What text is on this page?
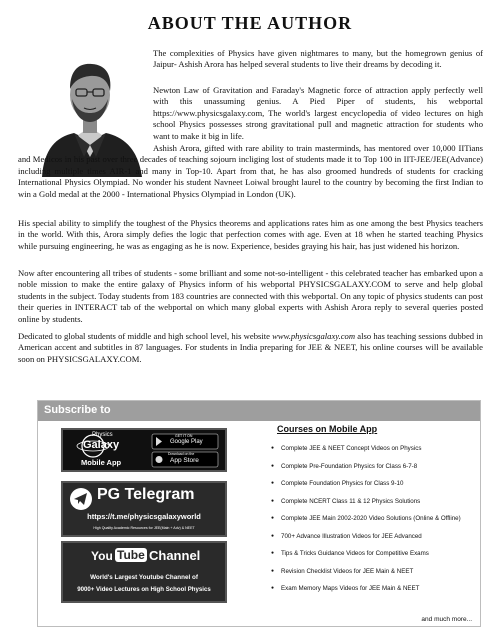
ABOUT THE AUTHOR
The complexities of Physics have given nightmares to many, but the homegrown genius of Jaipur- Ashish Arora has helped several students to live their dreams by decoding it.
Newton Law of Gravitation and Faraday's Magnetic force of attraction apply perfectly well with this unassuming genius. A Pied Piper of students, his webportal https://www.physicsgalaxy.com, The world's largest encyclopedia of video lectures on high school Physics possesses strong gravitational pull and magnetic attraction for students who want to make it big in life.
Ashish Arora, gifted with rare ability to train masterminds, has mentored over 10,000 IITians and Medicos in his past over three decades of teaching sojourn incliging lost of students made it to Top 100 in IIT-JEE/JEE(Advance) including multiple times AIR-1 and many in Top-10. Apart from that, he has also groomed hundreds of students for cracking International Physics Olympiad. No wonder his student Navneet Loiwal brought laurel to the country by becoming the first Indian to win a Gold medal at the 2000 - International Physics Olympiad in London (UK).
His special ability to simplify the toughest of the Physics theorems and applications rates him as one among the best Physics teachers in the world. With this, Arora simply defies the logic that perfection comes with age. Even at 18 when he started teaching Physics while pursuing engineering, he was as engaging as he is now. Experience, besides graying his hair, has just widened his horizon.
Now after encountering all tribes of students - some brilliant and some not-so-intelligent - this celebrated teacher has embarked upon a noble mission to make the entire galaxy of Physics inform of his webportal PHYSICSGALAXY.COM to serve and help global students in the subject. Today students from 183 countries are connected with this webportal. On any topic of physics students can post their queries in INTERACT tab of the webportal on which many global experts with Ashish Arora reply to several queries posted online by students.
Dedicated to global students of middle and high school level, his website www.physicsgalaxy.com also has teaching sessions dubbed in American accent and subtitles in 87 languages. For students in India preparing for JEE & NEET, his online courses will be available soon on PHYSICSGALAXY.COM.
Subscribe to
Physics
Galaxy
Mobile App
GET IT ON
Google Play
Download on the
App Store
PG Telegram
https://t.me/physicsgalaxyworld
High Quality Academic Resources for JEE(Main + Adv) & NEET
You Tube Channel
World's Largest Youtube Channel of
9000+ Video Lectures on High School Physics
Courses on Mobile App
● Complete JEE & NEET Concept Videos on Physics
● Complete Pre-Foundation Physics for Class 6-7-8
● Complete Foundation Physics for Class 9-10
● Complete NCERT Class 11 & 12 Physics Solutions
● Complete JEE Main 2002-2020 Video Solutions (Online & Offline)
● 700+ Advance Illustration Videos for JEE Advanced
● Tips & Tricks Guidance Videos for Competitive Exams
● Revision Checklist Videos for JEE Main & NEET
● Exam Memory Maps Videos for JEE Main & NEET
and much more...
